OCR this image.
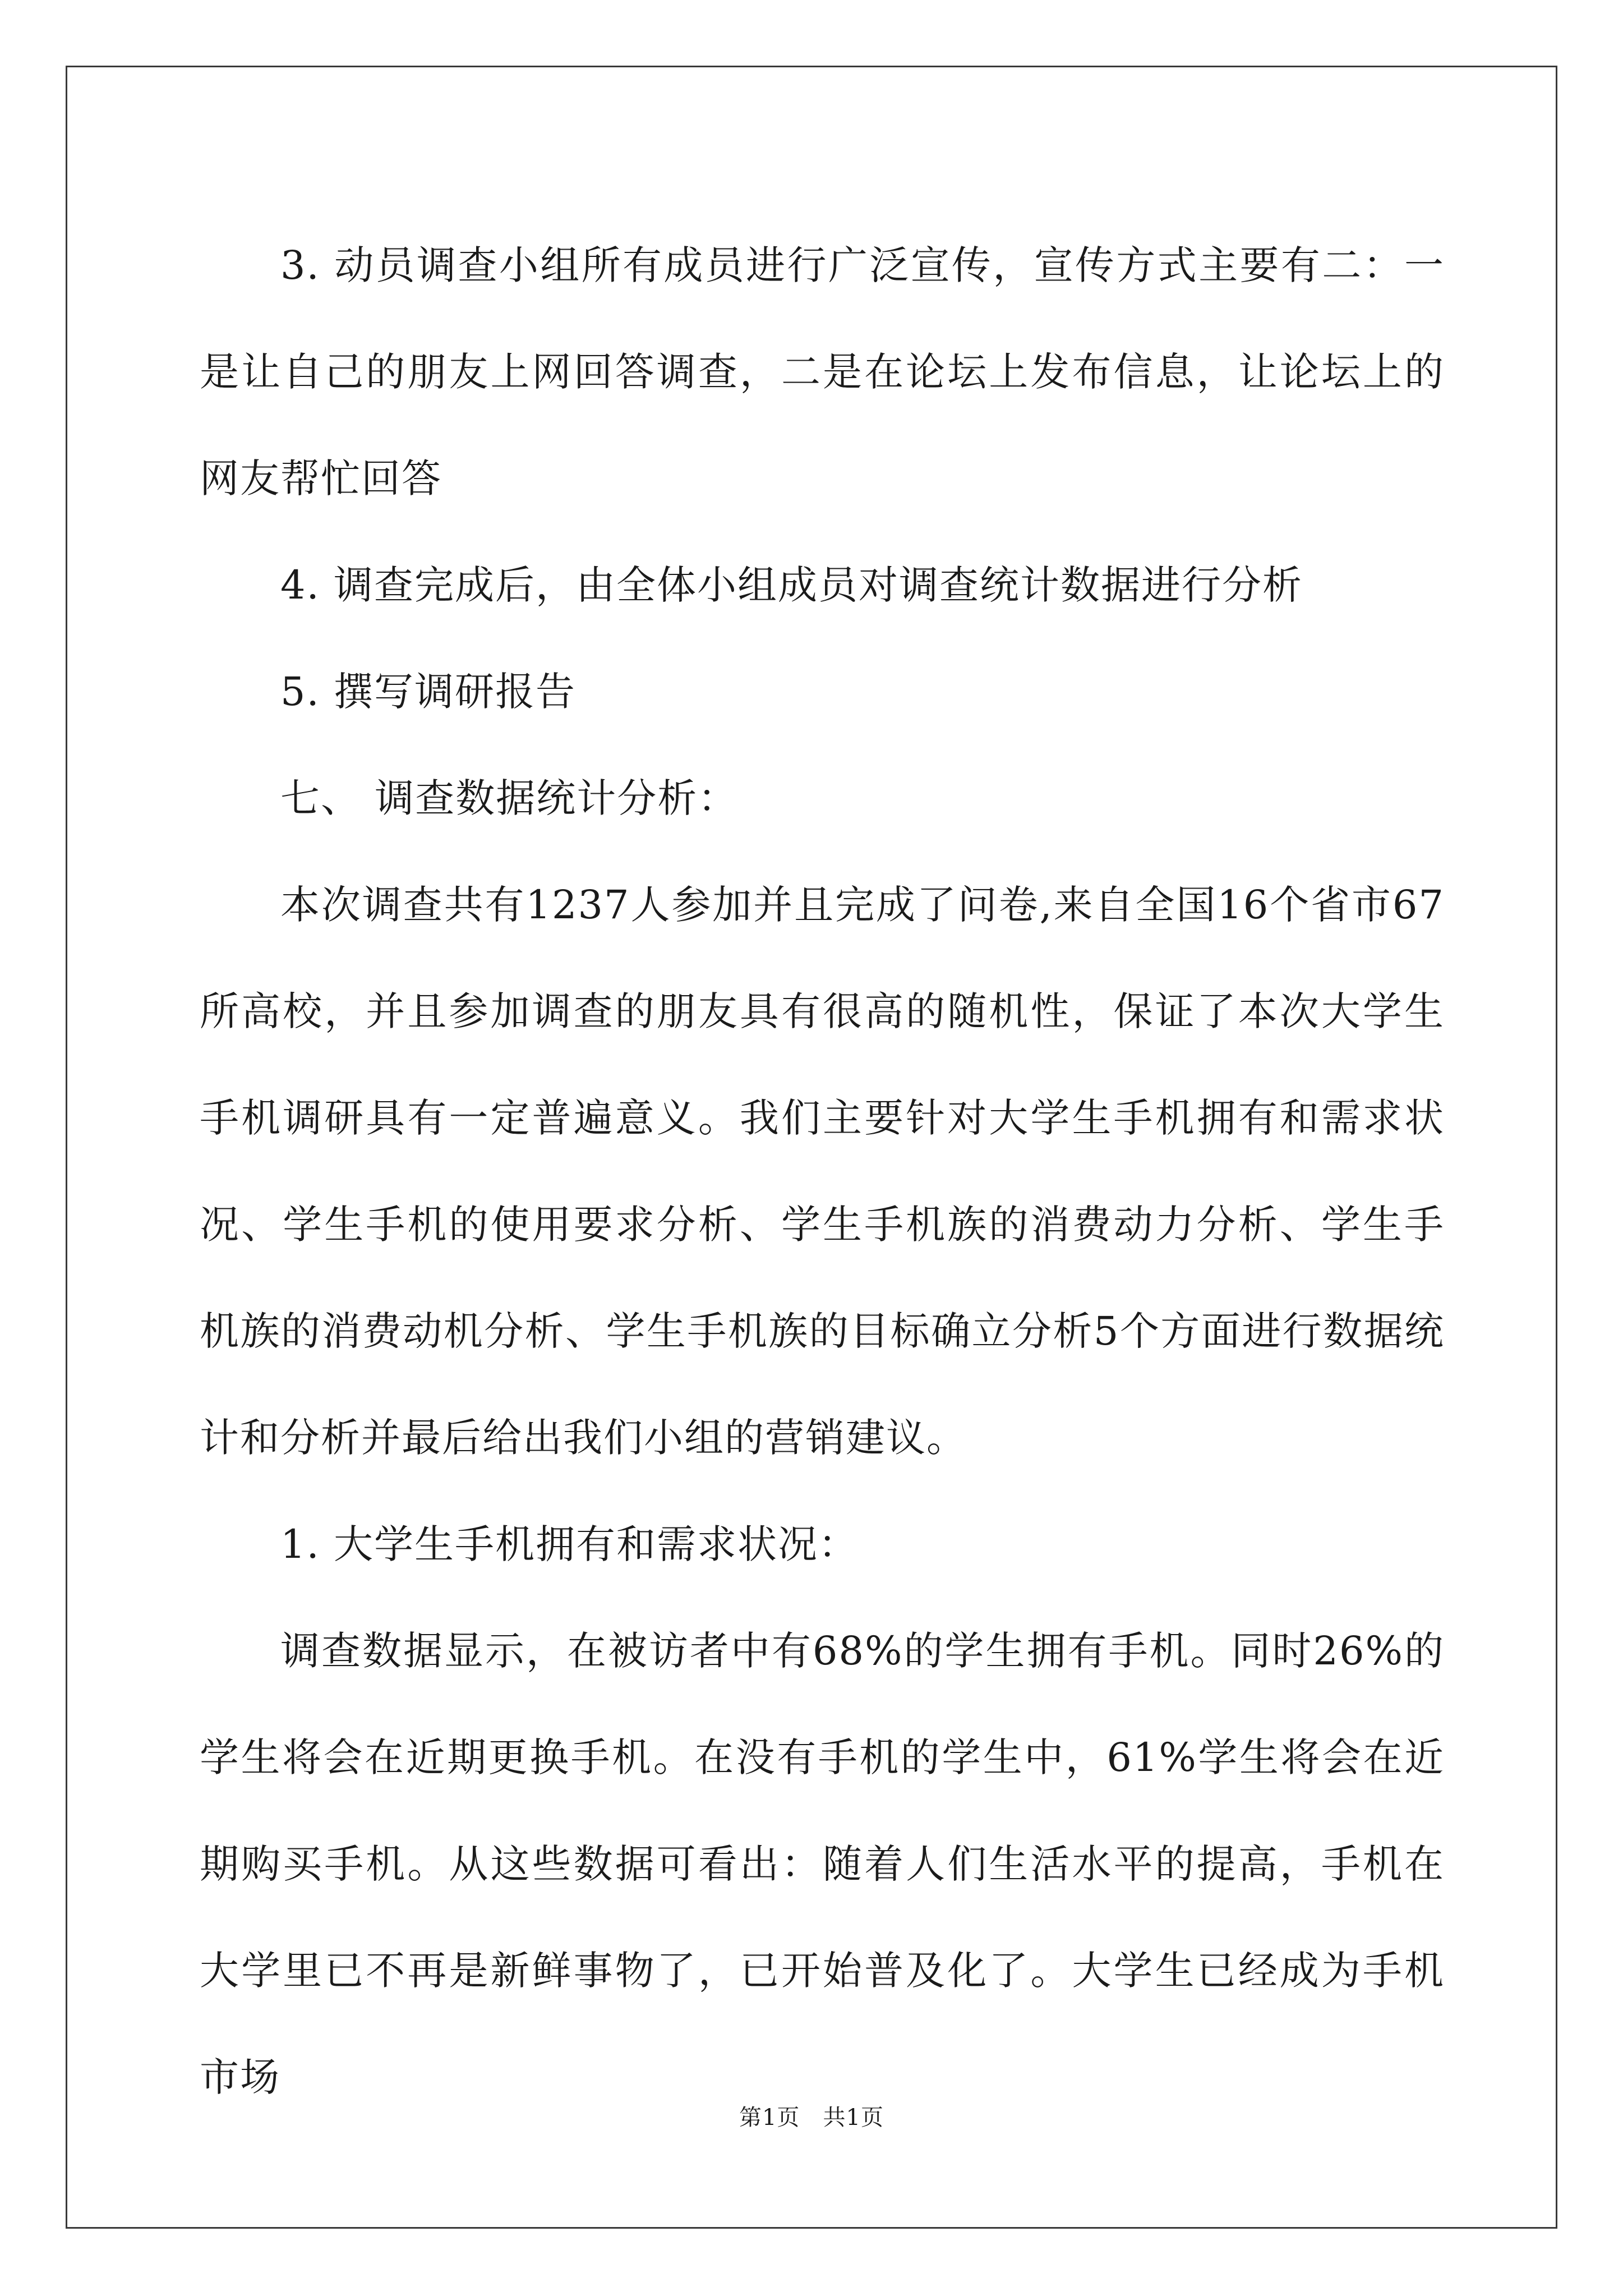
3. 动员调查小组所有成员进行广泛宣传，宣传方式主要有二：一是让自己的朋友上网回答调查，二是在论坛上发布信息，让论坛上的网友帮忙回答

4. 调查完成后，由全体小组成员对调查统计数据进行分析

5. 撰写调研报告

七、 调查数据统计分析：

本次调查共有1237人参加并且完成了问卷,来自全国16个省市67所高校，并且参加调查的朋友具有很高的随机性，保证了本次大学生手机调研具有一定普遍意义。我们主要针对大学生手机拥有和需求状况、学生手机的使用要求分析、学生手机族的消费动力分析、学生手机族的消费动机分析、学生手机族的目标确立分析5个方面进行数据统计和分析并最后给出我们小组的营销建议。

1. 大学生手机拥有和需求状况：

调查数据显示，在被访者中有68%的学生拥有手机。同时26%的学生将会在近期更换手机。在没有手机的学生中，61%学生将会在近期购买手机。从这些数据可看出：随着人们生活水平的提高，手机在大学里已不再是新鲜事物了，已开始普及化了。大学生已经成为手机市场

第1页   共1页
